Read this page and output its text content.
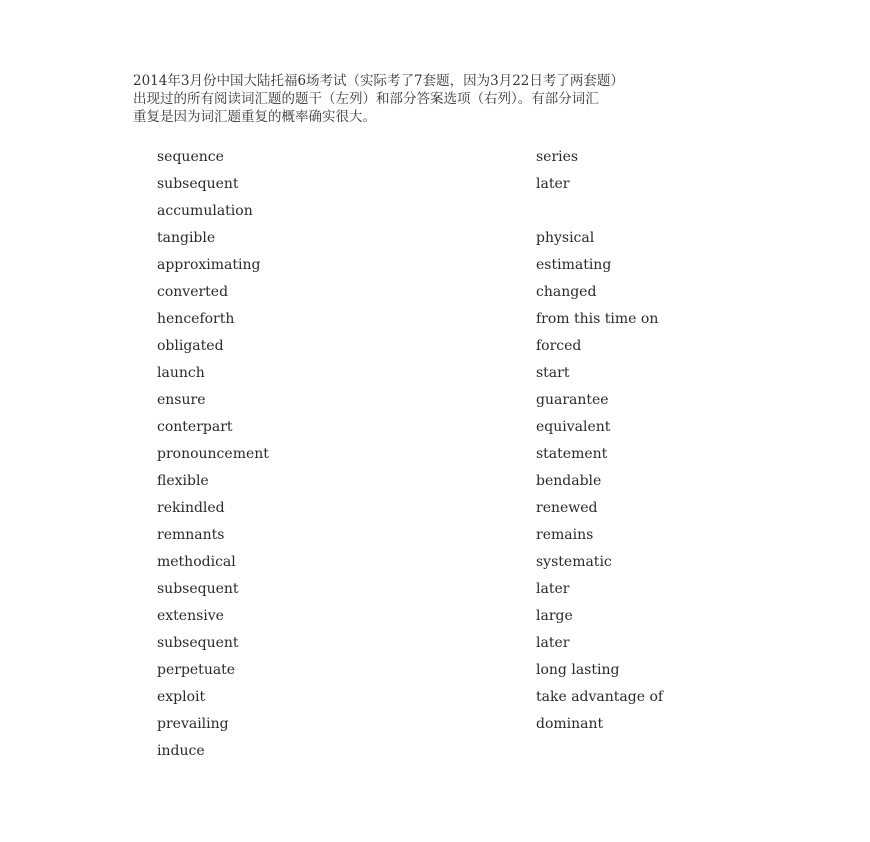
2014年3月份中国大陆托福6场考试（实际考了7套题，因为3月22日考了两套题）

出现过的所有阅读词汇题的题干（左列）和部分答案选项（右列）。有部分词汇

重复是因为词汇题重复的概率确实很大。

sequence	series
subsequent	later
accumulation
tangible	physical
approximating	estimating
converted	changed
henceforth	from this time on
obligated	forced
launch	start
ensure	guarantee
conterpart	equivalent
pronouncement	statement
flexible	bendable
rekindled	renewed
remnants	remains
methodical	systematic
subsequent	later
extensive	large
subsequent	later
perpetuate	long lasting
exploit	take advantage of
prevailing	dominant
induce
